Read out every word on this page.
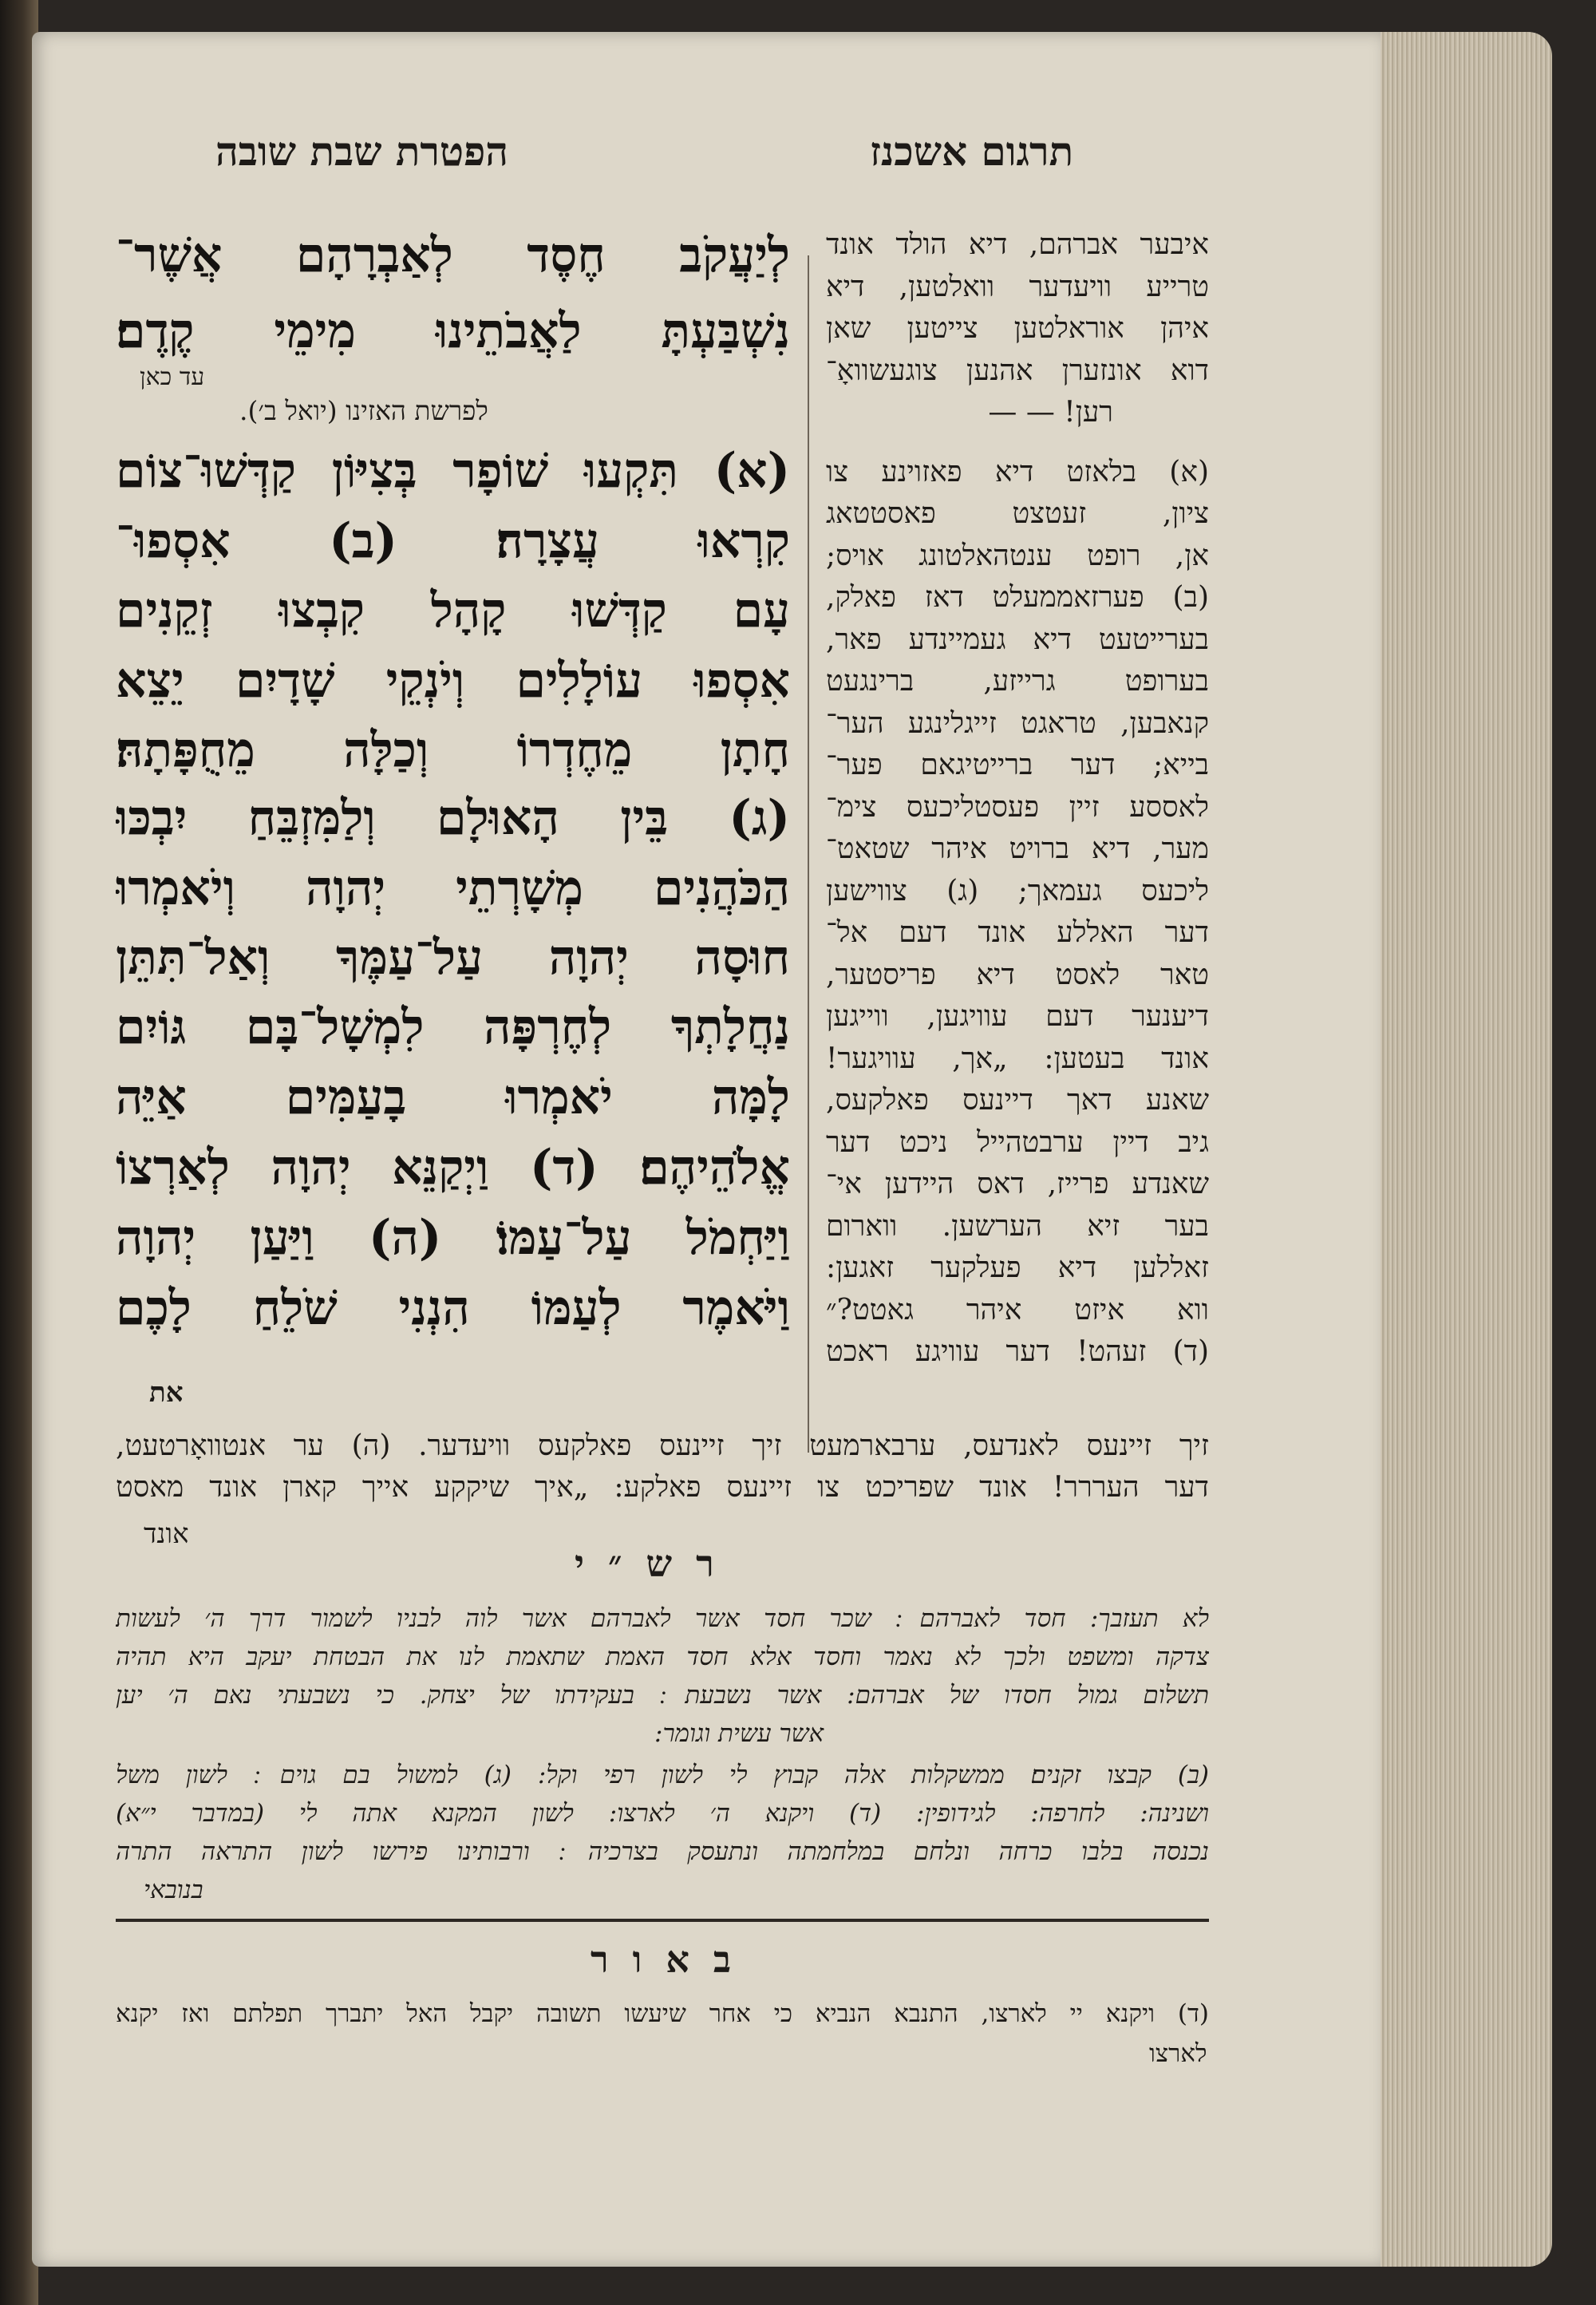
הפטרת שבת שובה	תרגום אשכנז
לְיַעֲקֹב חֶסֶד לְאַבְרָהָם אֲשֶׁר־
נִשְׁבַּעְתָּ לַאֲבֹתֵינוּ מִימֵי קֶדֶם׃
(א) תִּקְעוּ שׁוֹפָר בְּצִיּוֹן קַדְּשׁוּ־צוֹם
קִרְאוּ עֲצָרָה׃ (ב) אִסְפוּ־
עָם קַדְּשׁוּ קָהָל קִבְצוּ זְקֵנִים
אִסְפוּ עוֹלָלִים וְיֹנְקֵי שָׁדָיִם יֵצֵא
חָתָן מֵחֶדְרוֹ וְכַלָּה מֵחֻפָּתָהּ׃
(ג) בֵּין הָאוּלָם וְלַמִּזְבֵּחַ יִבְכּוּ
הַכֹּהֲנִים מְשָׁרְתֵי יְהוָה וְיֹאמְרוּ
חוּסָה יְהוָה עַל־עַמֶּךָ וְאַל־תִּתֵּן
נַחֲלָתְךָ לְחֶרְפָּה לִמְשָׁל־בָּם גּוֹיִם
לָמָּה יֹאמְרוּ בָעַמִּים אַיֵּה
אֱלֹהֵיהֶם׃ (ד) וַיְקַנֵּא יְהוָה לְאַרְצוֹ
וַיַּחְמֹל עַל־עַמּוֹ׃ (ה) וַיַּעַן יְהוָה
וַיֹּאמֶר לְעַמּוֹ הִנְנִי שֹׁלֵחַ לָכֶם
עד כאן
לפרשת האזינו (יואל ב׳).
את
איבער אברהם, דיא הולד אונד
טרייע וויעדער וואלטען, דיא
איהן אוראלטען צייטען שאן
דוא אונזערן אהנען צוגעשוואָ־
רען! — —
(א) בלאזט דיא פאזוינע צו
ציון, זעטצט פאסטטאג
אן, רופט ענטהאלטונג אויס;
(ב) פערזאממעלט דאז פאלק,
בערייטעט דיא געמיינדע פאר,
בערופט גרייזע, ברינגעט
קנאבען, טראגט זייגלינגע הער־
בייא; דער ברייטיגאם פער־
לאססע זיין פעסטליכעס צימ־
מער, דיא ברויט איהר שטאט־
ליכעס געמאך; (ג) צווישען
דער האללע אונד דעם אל־
טאר לאסט דיא פריסטער,
דיענער דעם עוויגען, ווייגען
אונד בעטען: „אך, עוויגער!
שאנע דאך דיינעס פאלקעס,
גיב דיין ערבטהייל ניכט דער
שאנדע פרייז, דאס היידען אי־
בער זיא הערשען. ווארום
זאללען דיא פעלקער זאגען:
ווא איזט איהר גאטט?״
(ד) זעהט! דער עוויגע ראכט
זיך זיינעס לאנדעס, ערבארמעט זיך זיינעס פאלקעס וויעדער. (ה) ער אנטוואָרטעט,
דער העררר! אונד שפריכט צו זיינעס פאלקע: „איך שיקקע אייך קארן אונד מאסט
אונד
רש״י
לא תעזבך: חסד לאברהם ׃ שכר חסד אשר לאברהם אשר לוה לבניו לשמור דרך ה׳ לעשות
צדקה ומשפט ולכך לא נאמר וחסד אלא חסד האמת שתאמת לנו את הבטחת יעקב היא תהיה
תשלום גמול חסדו של אברהם: אשר נשבעת ׃ בעקידתו של יצחק. כי נשבעתי נאם ה׳ יען
אשר עשית וגומר:
(ב) קבצו זקנים׃ ממשקלות אלה קבוץ לי לשון רפי וקל: (ג) למשול בם גוים ׃ לשון משל
ושנינה: לחרפה: לגידופין: (ד) ויקנא ה׳ לארצו: לשון המקנא אתה לי (במדבר י״א)
נכנסה בלבו כרחה ונלחם במלחמתה ונתעסק בצרכיה ׃ ורבותינו פירשו לשון התראה התרה
בנובאי
באור
(ד) ויקנא יי לארצו, התנבא הנביא כי אחר שיעשו תשובה יקבל האל יתברך תפלתם ואז יקנא
לארצו
